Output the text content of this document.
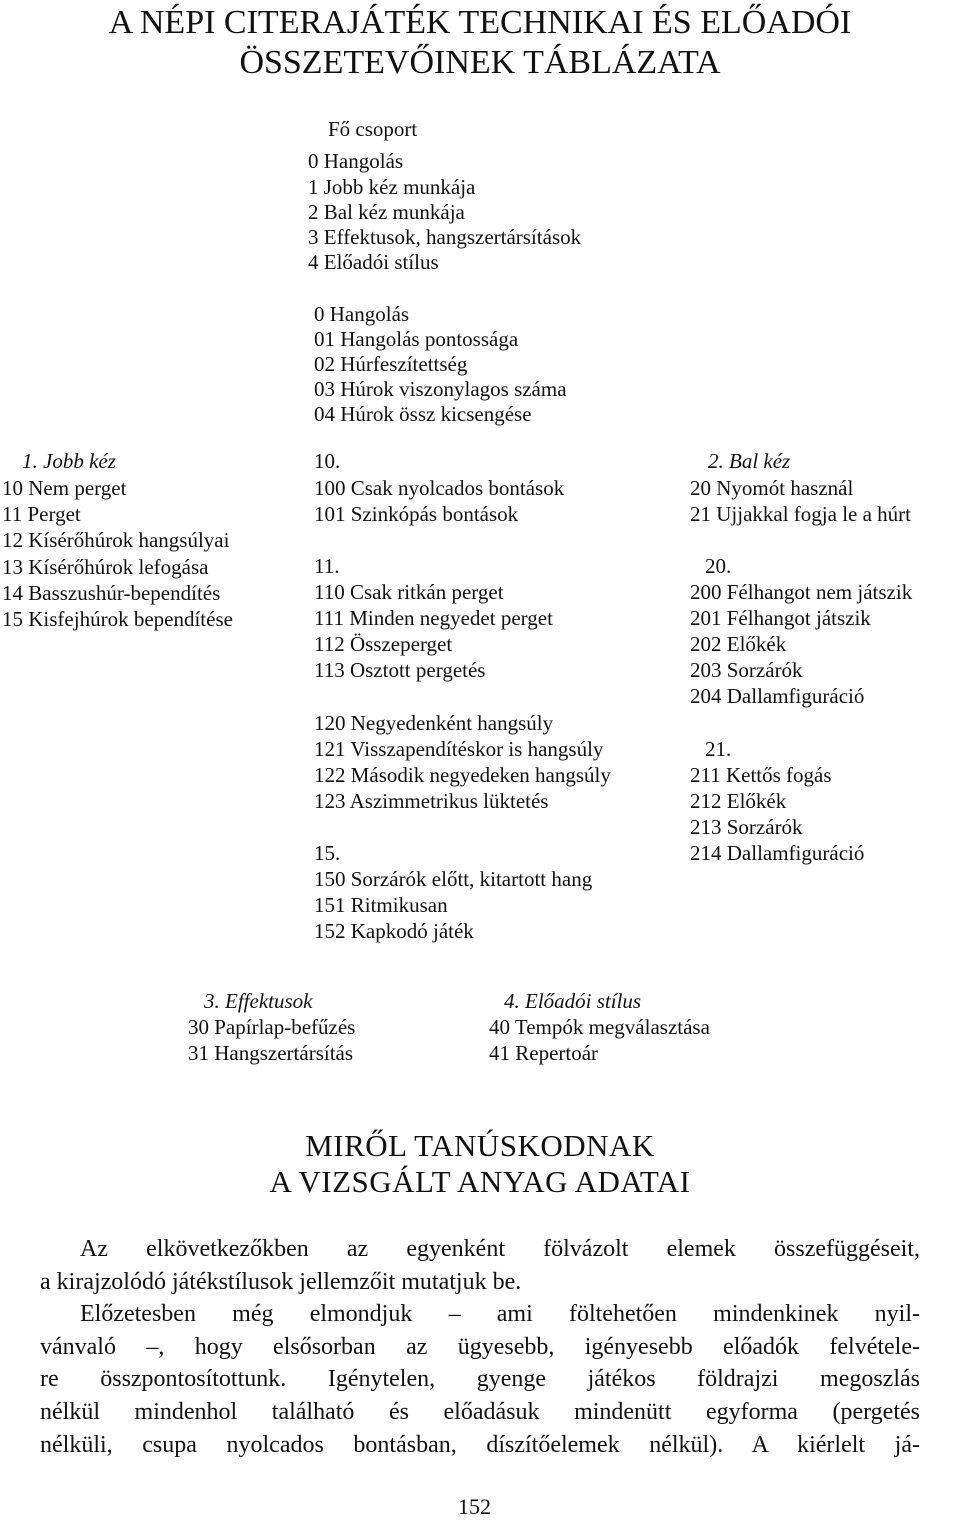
A NÉPI CITERAJÁTÉK TECHNIKAI ÉS ELŐADÓI
ÖSSZETEVŐINEK TÁBLÁZATA
Fő csoport
0 Hangolás
1 Jobb kéz munkája
2 Bal kéz munkája
3 Effektusok, hangszertársítások
4 Előadói stílus
0 Hangolás
01 Hangolás pontossága
02 Húrfeszítettség
03 Húrok viszonylagos száma
04 Húrok össz kicsengése
1. Jobb kéz
10 Nem perget
11 Perget
12 Kísérőhúrok hangsúlyai
13 Kísérőhúrok lefogása
14 Basszushúr-bependítés
15 Kisfejhúrok bependítése
10.
100 Csak nyolcados bontások
101 Szinkópás bontások
11.
110 Csak ritkán perget
111 Minden negyedet perget
112 Összeperget
113 Osztott pergetés
120 Negyedenként hangsúly
121 Visszapendítéskor is hangsúly
122 Második negyedeken hangsúly
123 Aszimmetrikus lüktetés
15.
150 Sorzárók előtt, kitartott hang
151 Ritmikusan
152 Kapkodó játék
2. Bal kéz
20 Nyomót használ
21 Ujjakkal fogja le a húrt
20.
200 Félhangot nem játszik
201 Félhangot játszik
202 Előkék
203 Sorzárók
204 Dallamfiguráció
21.
211 Kettős fogás
212 Előkék
213 Sorzárók
214 Dallamfiguráció
3. Effektusok
30 Papírlap-befűzés
31 Hangszertársítás
4. Előadói stílus
40 Tempók megválasztása
41 Repertoár
MIRŐL TANÚSKODNAK
A VIZSGÁLT ANYAG ADATAI

Az elkövetkezőkben az egyenként fölvázolt elemek összefüggéseit,

a kirajzolódó játékstílusok jellemzőit mutatjuk be.

Előzetesben még elmondjuk – ami föltehetően mindenkinek nyil-

vánvaló –, hogy elsősorban az ügyesebb, igényesebb előadók felvétele-

re összpontosítottunk. Igénytelen, gyenge játékos földrajzi megoszlás

nélkül mindenhol található és előadásuk mindenütt egyforma (pergetés

nélküli, csupa nyolcados bontásban, díszítőelemek nélkül). A kiérlelt já-

152
